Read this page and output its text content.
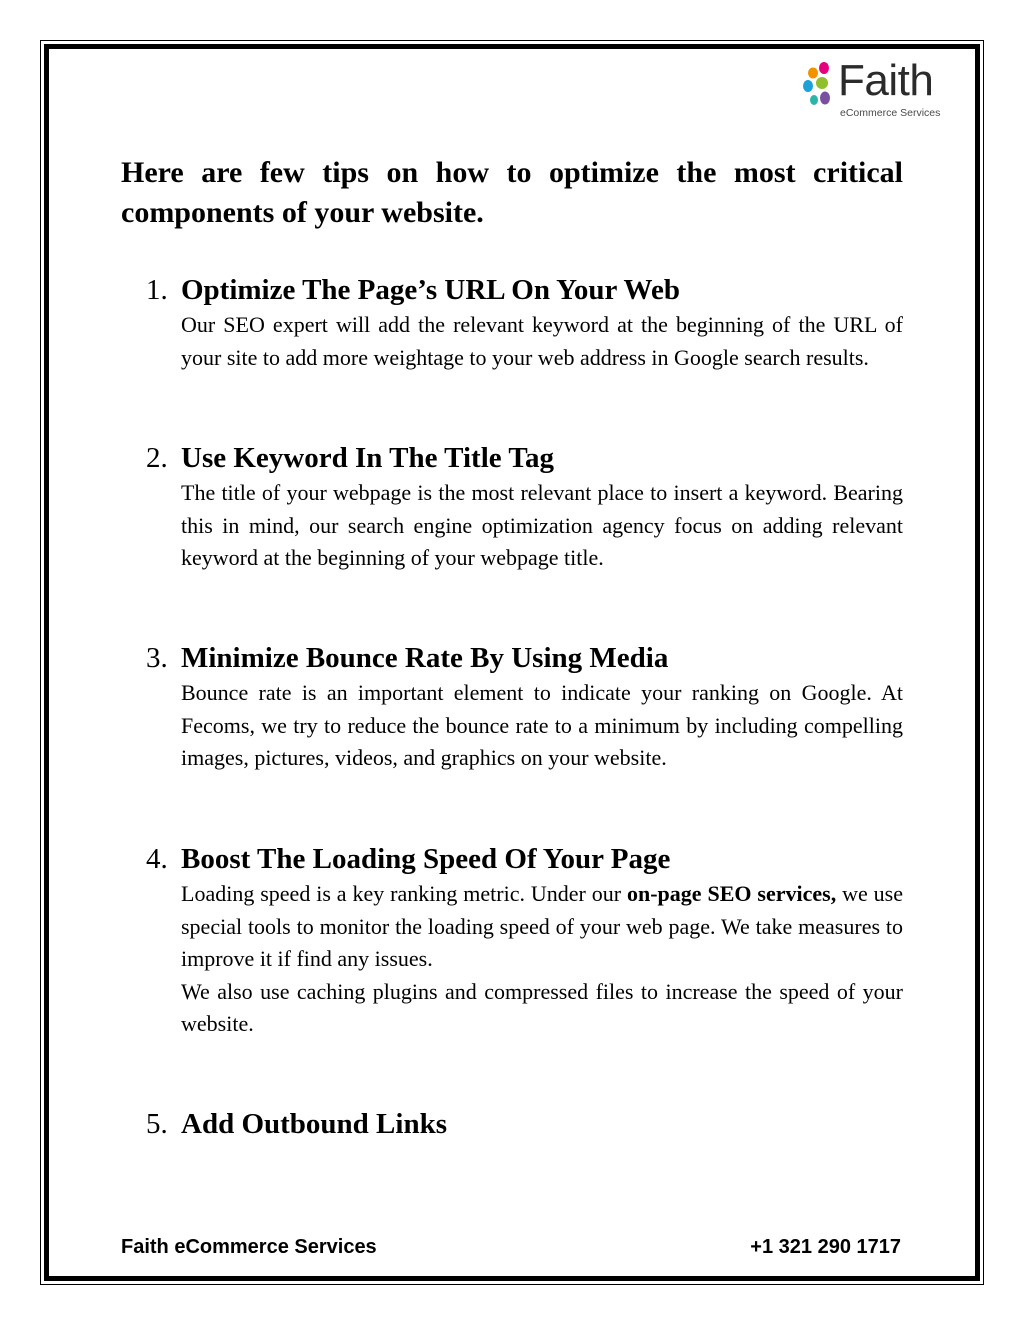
Faith
eCommerce Services
Here are few tips on how to optimize the most critical components of your website.
1. Optimize The Page’s URL On Your Web

Our SEO expert will add the relevant keyword at the beginning of the URL of your site to add more weightage to your web address in Google search results.

2. Use Keyword In The Title Tag

The title of your webpage is the most relevant place to insert a keyword. Bearing this in mind, our search engine optimization agency focus on adding relevant keyword at the beginning of your webpage title.

3. Minimize Bounce Rate By Using Media

Bounce rate is an important element to indicate your ranking on Google. At Fecoms, we try to reduce the bounce rate to a minimum by including compelling images, pictures, videos, and graphics on your website.

4. Boost The Loading Speed Of Your Page

Loading speed is a key ranking metric. Under our on-page SEO services, we use special tools to monitor the loading speed of your web page. We take measures to improve it if find any issues.

We also use caching plugins and compressed files to increase the speed of your website.

5. Add Outbound Links
Faith eCommerce Services	+1 321 290 1717
